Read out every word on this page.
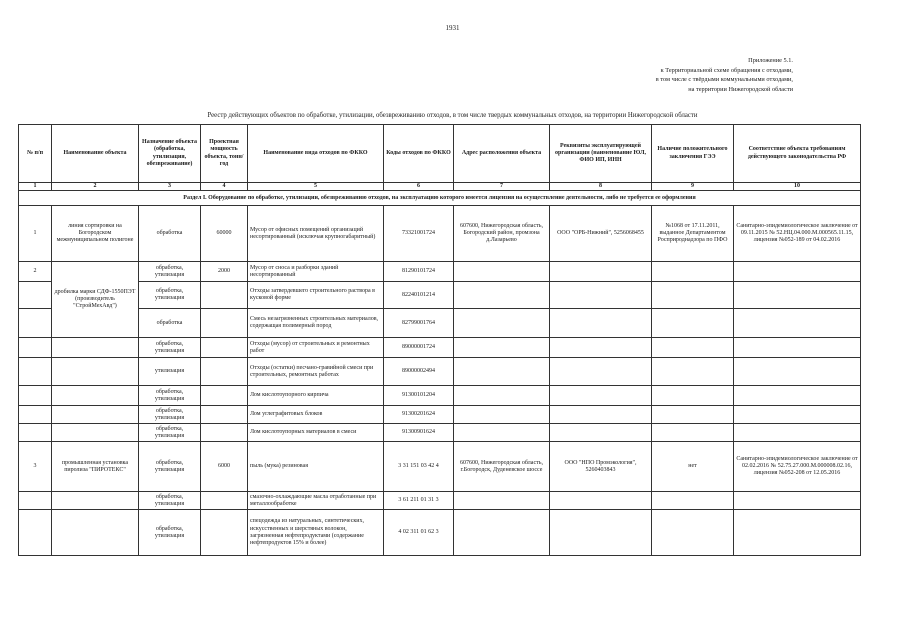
1931
Приложение 5.1.
к Территориальной схеме обращения с отходами,
в том числе с твёрдыми коммунальными отходами,
на территории Нижегородской области
Реестр действующих объектов по обработке, утилизации, обезвреживанию отходов, в том числе твердых коммунальных отходов, на территории Нижегородской области
№ п/п	Наименование объекта	Назначение объекта (обработка, утилизация, обезвреживание)	Проектная мощность объекта, тонн/год	Наименование вида отходов по ФККО	Коды отходов по ФККО	Адрес расположения объекта	Реквизиты эксплуатирующей организации (наименование ЮЛ, ФИО ИП, ИНН	Наличие положительного заключения ГЭЭ	Соответствие объекта требованиям действующего законодательства РФ
1	2	3	4	5	6	7	8	9	10
Раздел I. Оборудование по обработке, утилизации, обезвреживанию отходов, на эксплуатацию которого имеется лицензия на осуществление деятельности, либо не требуется ее оформления									
1	линия сортировки на Богородском межмуниципальном полигоне	обработка	60000	Мусор от офисных помещений организаций несортированный (исключая крупногабаритный)	73321001724	607600, Нижегородская область, Богородский район, промзона д.Лазарьево	ООО "ОРБ-Нижний", 5256068455	№1068 от 17.11.2011, выданное Департаментом Росприроднадзора по ПФО	Санитарно-эпидемиологическое заключение от 09.11.2015 № 52.НЦ.04.000.М.000565.11.15, лицензия №052-189 от 04.02.2016
2	дробилка марки СДФ-1550ПЭТ (производитель "СтройМехАвд")	обработка, утилизация	2000	Мусор от сноса и разборки зданий несортированный	81290101724				
		обработка, утилизация		Отходы затвердевшего строительного раствора в кусковой форме	82240101214				
		обработка		Смесь незагрязненных строительных материалов, содержащая полимерный пород	82799001764				
		обработка, утилизация		Отходы (мусор) от строительных и ремонтных работ	89000001724				
		утилизация		Отходы (остатки) песчано-гравийной смеси при строительных, ремонтных работах	89000002494				
		обработка, утилизация		Лом кислотоупорного кирпича	91300101204				
		обработка, утилизация		Лом углеграфитовых блоков	91300201624				
		обработка, утилизация		Лом кислотоупорных материалов в смеси	91300901624				
3	промышленная установка пиролиза "ПИРОТЕКС"	обработка, утилизация	6000	пыль (мука) резиновая	3 31 151 03 42 4	607600, Нижегородская область, г.Богородск, Дуденевское шоссе	ООО "НПО Промэкология", 5260403843	нет	Санитарно-эпидемиологическое заключение от 02.02.2016 № 52.75.27.000.М.000008.02.16, лицензия №052-208 от 12.05.2016
		обработка, утилизация		смазочно-охлаждающие масла отработанные при металлообработке	3 61 211 01 31 3				
		обработка, утилизация		спецодежда из натуральных, синтетических, искусственных и шерстяных волокон, загрязненная нефтепродуктами (содержание нефтепродуктов 15% и более)	4 02 311 01 62 3				
